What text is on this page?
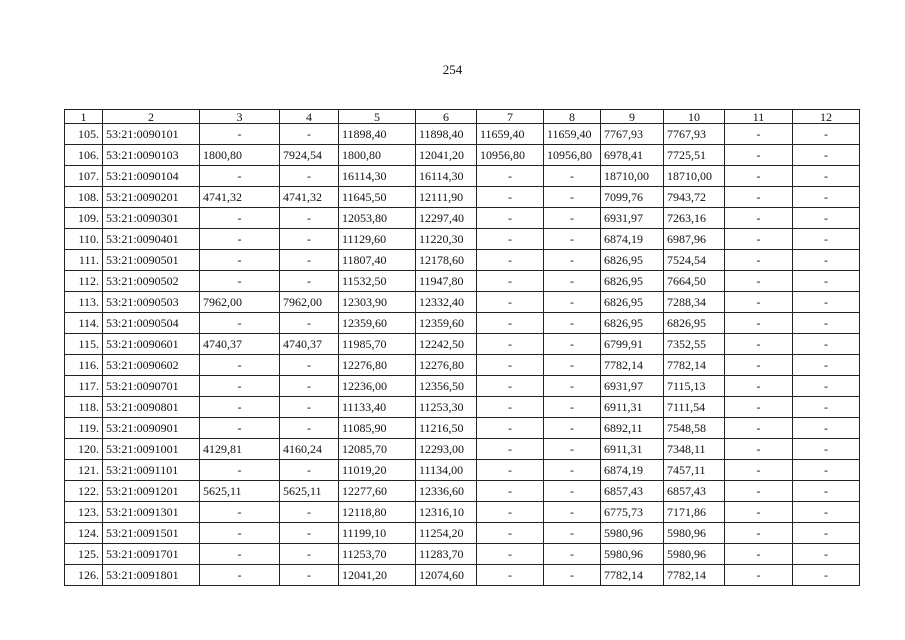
254
1	2	3	4	5	6	7	8	9	10	11	12
105.	53:21:0090101	-	-	11898,40	11898,40	11659,40	11659,40	7767,93	7767,93	-	-
106.	53:21:0090103	1800,80	7924,54	1800,80	12041,20	10956,80	10956,80	6978,41	7725,51	-	-
107.	53:21:0090104	-	-	16114,30	16114,30	-	-	18710,00	18710,00	-	-
108.	53:21:0090201	4741,32	4741,32	11645,50	12111,90	-	-	7099,76	7943,72	-	-
109.	53:21:0090301	-	-	12053,80	12297,40	-	-	6931,97	7263,16	-	-
110.	53:21:0090401	-	-	11129,60	11220,30	-	-	6874,19	6987,96	-	-
111.	53:21:0090501	-	-	11807,40	12178,60	-	-	6826,95	7524,54	-	-
112.	53:21:0090502	-	-	11532,50	11947,80	-	-	6826,95	7664,50	-	-
113.	53:21:0090503	7962,00	7962,00	12303,90	12332,40	-	-	6826,95	7288,34	-	-
114.	53:21:0090504	-	-	12359,60	12359,60	-	-	6826,95	6826,95	-	-
115.	53:21:0090601	4740,37	4740,37	11985,70	12242,50	-	-	6799,91	7352,55	-	-
116.	53:21:0090602	-	-	12276,80	12276,80	-	-	7782,14	7782,14	-	-
117.	53:21:0090701	-	-	12236,00	12356,50	-	-	6931,97	7115,13	-	-
118.	53:21:0090801	-	-	11133,40	11253,30	-	-	6911,31	7111,54	-	-
119.	53:21:0090901	-	-	11085,90	11216,50	-	-	6892,11	7548,58	-	-
120.	53:21:0091001	4129,81	4160,24	12085,70	12293,00	-	-	6911,31	7348,11	-	-
121.	53:21:0091101	-	-	11019,20	11134,00	-	-	6874,19	7457,11	-	-
122.	53:21:0091201	5625,11	5625,11	12277,60	12336,60	-	-	6857,43	6857,43	-	-
123.	53:21:0091301	-	-	12118,80	12316,10	-	-	6775,73	7171,86	-	-
124.	53:21:0091501	-	-	11199,10	11254,20	-	-	5980,96	5980,96	-	-
125.	53:21:0091701	-	-	11253,70	11283,70	-	-	5980,96	5980,96	-	-
126.	53:21:0091801	-	-	12041,20	12074,60	-	-	7782,14	7782,14	-	-
